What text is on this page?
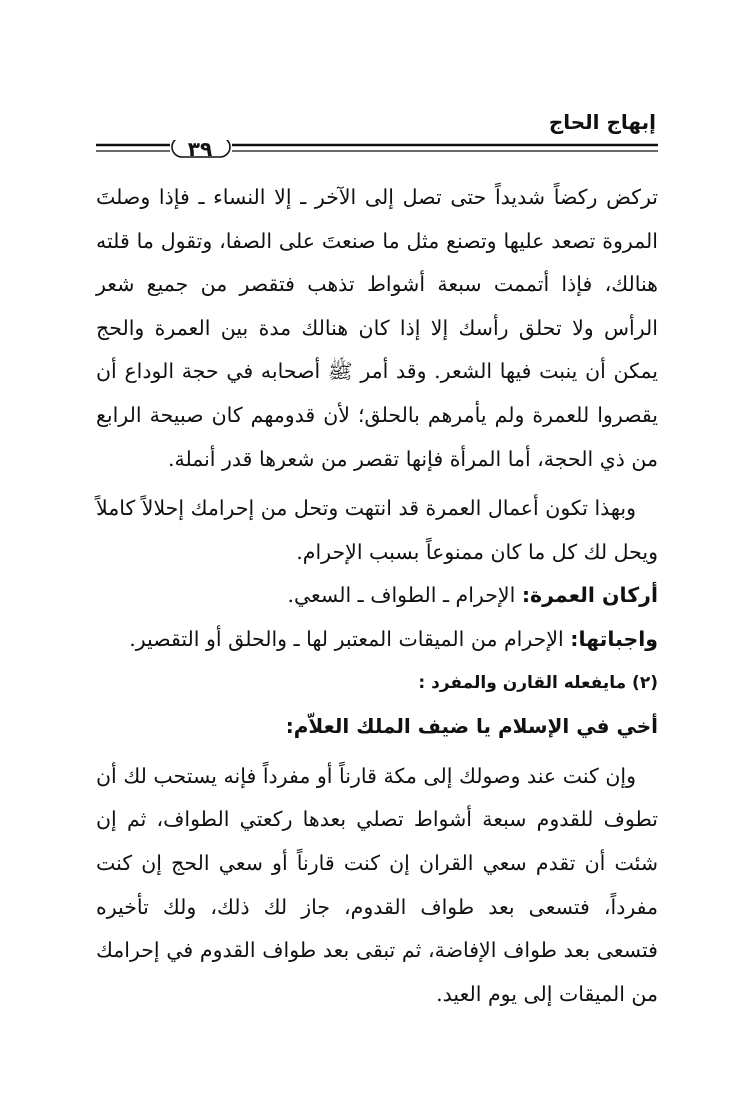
إبهاج الحاج
٣٩

تركض ركضاً شديداً حتى تصل إلى الآخر ـ إلا النساء ـ فإذا وصلتَ المروة تصعد عليها وتصنع مثل ما صنعتَ على الصفا، وتقول ما قلته هنالك، فإذا أتممت سبعة أشواط تذهب فتقصر من جميع شعر الرأس ولا تحلق رأسك إلا إذا كان هنالك مدة بين العمرة والحج يمكن أن ينبت فيها الشعر. وقد أمر ﷺ أصحابه في حجة الوداع أن يقصروا للعمرة ولم يأمرهم بالحلق؛ لأن قدومهم كان صبيحة الرابع من ذي الحجة، أما المرأة فإنها تقصر من شعرها قدر أنملة.

وبهذا تكون أعمال العمرة قد انتهت وتحل من إحرامك إحلالاً كاملاً ويحل لك كل ما كان ممنوعاً بسبب الإحرام.

أركان العمرة: الإحرام ـ الطواف ـ السعي.

واجباتها: الإحرام من الميقات المعتبر لها ـ والحلق أو التقصير.

(٢) مايفعله القارن والمفرد :

أخي في الإسلام يا ضيف الملك العلاّم:

وإن كنت عند وصولك إلى مكة قارناً أو مفرداً فإنه يستحب لك أن تطوف للقدوم سبعة أشواط تصلي بعدها ركعتي الطواف، ثم إن شئت أن تقدم سعي القران إن كنت قارناً أو سعي الحج إن كنت مفرداً، فتسعى بعد طواف القدوم، جاز لك ذلك، ولك تأخيره فتسعى بعد طواف الإفاضة، ثم تبقى بعد طواف القدوم في إحرامك من الميقات إلى يوم العيد.
